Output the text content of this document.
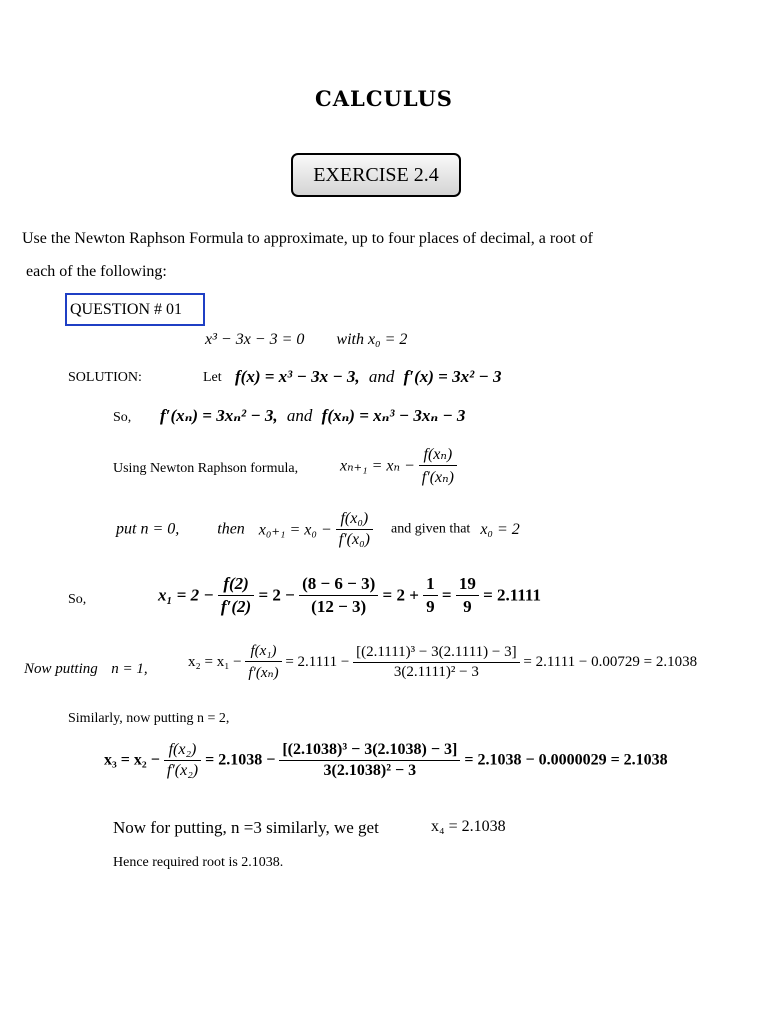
CALCULUS
EXERCISE 2.4
Use the Newton Raphson Formula to approximate, up to four places of decimal, a root of
each of the following:
QUESTION # 01
x³ − 3x − 3 = 0 with x₀ = 2
SOLUTION:	Let f(x) = x³ − 3x − 3, and f′(x) = 3x² − 3
So, f′(xₙ) = 3xₙ² − 3, and f(xₙ) = xₙ³ − 3xₙ − 3
Using Newton Raphson formula,	$x_{n+1} = x_n - \frac{\text{f(xₙ)}}{\text{f′(xₙ)}}$
put n = 0, then $x_{0+1} = x_0 - \frac{\text{f(x₀)}}{\text{f′(x₀)}}$ and given that x₀ = 2
So,	$x_1 = 2 - \frac{f(2)}{f'(2)} = 2 - \frac{(8 - 6 - 3)}{(12 - 3)} = 2 + \frac{1}{9} = \frac{19}{9} = 2.1111$
Now putting n = 1,	$x_2 = x_1 - \frac{\text{f(x₁)}}{\text{f′(xₙ)}} = 2.1111 - \frac{\text{[(2.1111)³ − 3(2.1111) − 3]}}{\text{3(2.1111)² − 3}} = 2.1111 - 0.00729 = 2.1038$
Similarly, now putting n = 2,
$x_3 = x_2 - \frac{\text{f(x₂)}}{\text{f′(x₂)}} = 2.1038 - \frac{\text{[(2.1038)³ − 3(2.1038) − 3]}}{\text{3(2.1038)² − 3}} = 2.1038 - 0.0000029 = 2.1038$
Now for putting, n =3 similarly, we get	x₄ = 2.1038
Hence required root is 2.1038.
